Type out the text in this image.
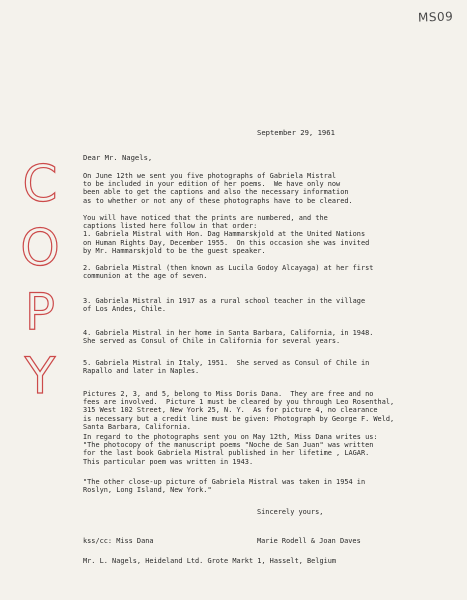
MS09
C
O
P
Y
September 29, 1961
Dear Mr. Nagels,
On June 12th we sent you five photographs of Gabriela Mistral
to be included in your edition of her poems.  We have only now
been able to get the captions and also the necessary information
as to whether or not any of these photographs have to be cleared.
You will have noticed that the prints are numbered, and the
captions listed here follow in that order:
1. Gabriela Mistral with Hon. Dag Hammarskjold at the United Nations
on Human Rights Day, December 1955.  On this occasion she was invited
by Mr. Hammarskjold to be the guest speaker.
2. Gabriela Mistral (then known as Lucila Godoy Alcayaga) at her first
communion at the age of seven.
3. Gabriela Mistral in 1917 as a rural school teacher in the village
of Los Andes, Chile.
4. Gabriela Mistral in her home in Santa Barbara, California, in 1948.
She served as Consul of Chile in California for several years.
5. Gabriela Mistral in Italy, 1951.  She served as Consul of Chile in
Rapallo and later in Naples.
Pictures 2, 3, and 5, belong to Miss Doris Dana.  They are free and no
fees are involved.  Picture 1 must be cleared by you through Leo Rosenthal,
315 West 102 Street, New York 25, N. Y.  As for picture 4, no clearance
is necessary but a credit line must be given: Photograph by George F. Weld,
Santa Barbara, California.
In regard to the photographs sent you on May 12th, Miss Dana writes us:
"The photocopy of the manuscript poems "Noche de San Juan" was written
for the last book Gabriela Mistral published in her lifetime , LAGAR.
This particular poem was written in 1943.
"The other close-up picture of Gabriela Mistral was taken in 1954 in
Roslyn, Long Island, New York."
Sincerely yours,
kss/cc: Miss Dana	Marie Rodell & Joan Daves
Mr. L. Nagels, Heideland Ltd. Grote Markt 1, Hasselt, Belgium
